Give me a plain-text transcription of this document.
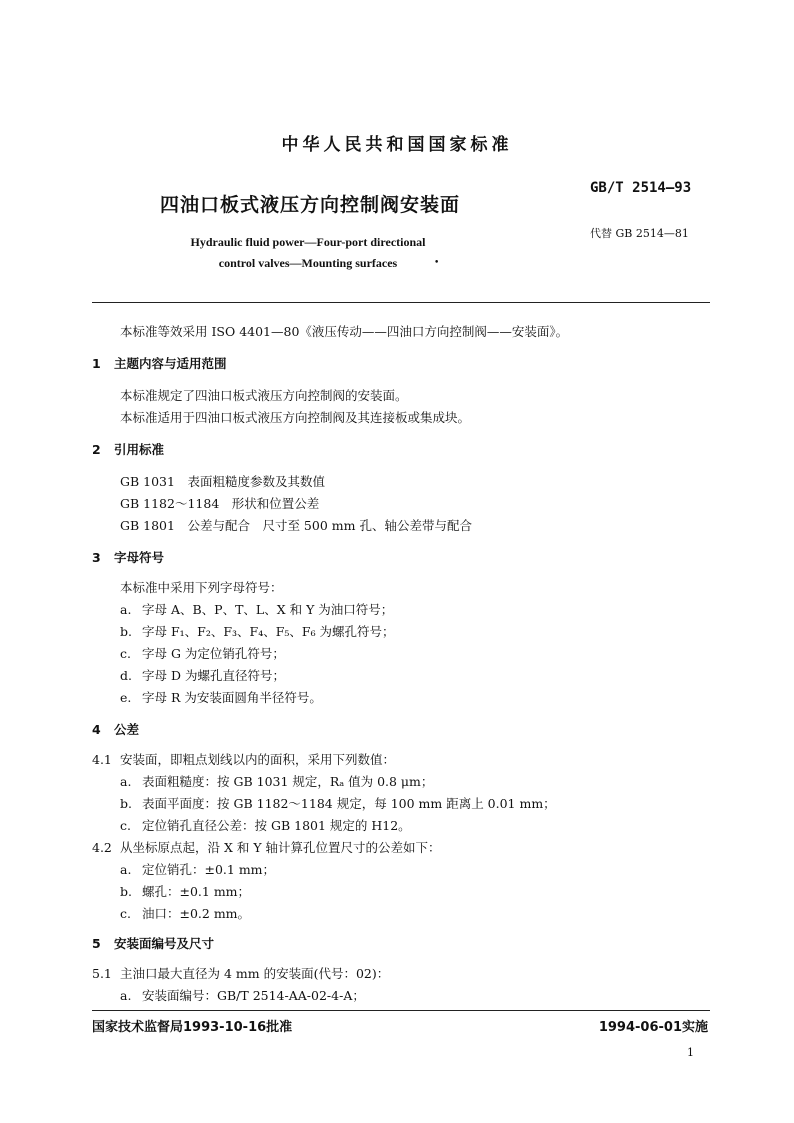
中华人民共和国国家标准
四油口板式液压方向控制阀安装面
GB/T 2514—93
代替 GB 2514—81
Hydraulic fluid power—Four-port directional
control valves—Mounting surfaces	•
本标准等效采用 ISO 4401—80《液压传动——四油口方向控制阀——安装面》。
1 主题内容与适用范围
本标准规定了四油口板式液压方向控制阀的安装面。
本标准适用于四油口板式液压方向控制阀及其连接板或集成块。
2 引用标准
GB 1031　表面粗糙度参数及其数值
GB 1182～1184　形状和位置公差
GB 1801　公差与配合　尺寸至 500 mm 孔、轴公差带与配合
3 字母符号
本标准中采用下列字母符号：
a. 字母 A、B、P、T、L、X 和 Y 为油口符号；
b. 字母 F₁、F₂、F₃、F₄、F₅、F₆ 为螺孔符号；
c. 字母 G 为定位销孔符号；
d. 字母 D 为螺孔直径符号；
e. 字母 R 为安装面圆角半径符号。
4 公差
4.1 安装面，即粗点划线以内的面积，采用下列数值：
a. 表面粗糙度：按 GB 1031 规定，Rₐ 值为 0.8 μm；
b. 表面平面度：按 GB 1182～1184 规定，每 100 mm 距离上 0.01 mm；
c. 定位销孔直径公差：按 GB 1801 规定的 H12。
4.2 从坐标原点起，沿 X 和 Y 轴计算孔位置尺寸的公差如下：
a. 定位销孔：±0.1 mm；
b. 螺孔：±0.1 mm；
c. 油口：±0.2 mm。
5 安装面编号及尺寸
5.1 主油口最大直径为 4 mm 的安装面(代号：02)：
a. 安装面编号：GB/T 2514-AA-02-4-A；
国家技术监督局1993-10-16批准	1994-06-01实施
1
